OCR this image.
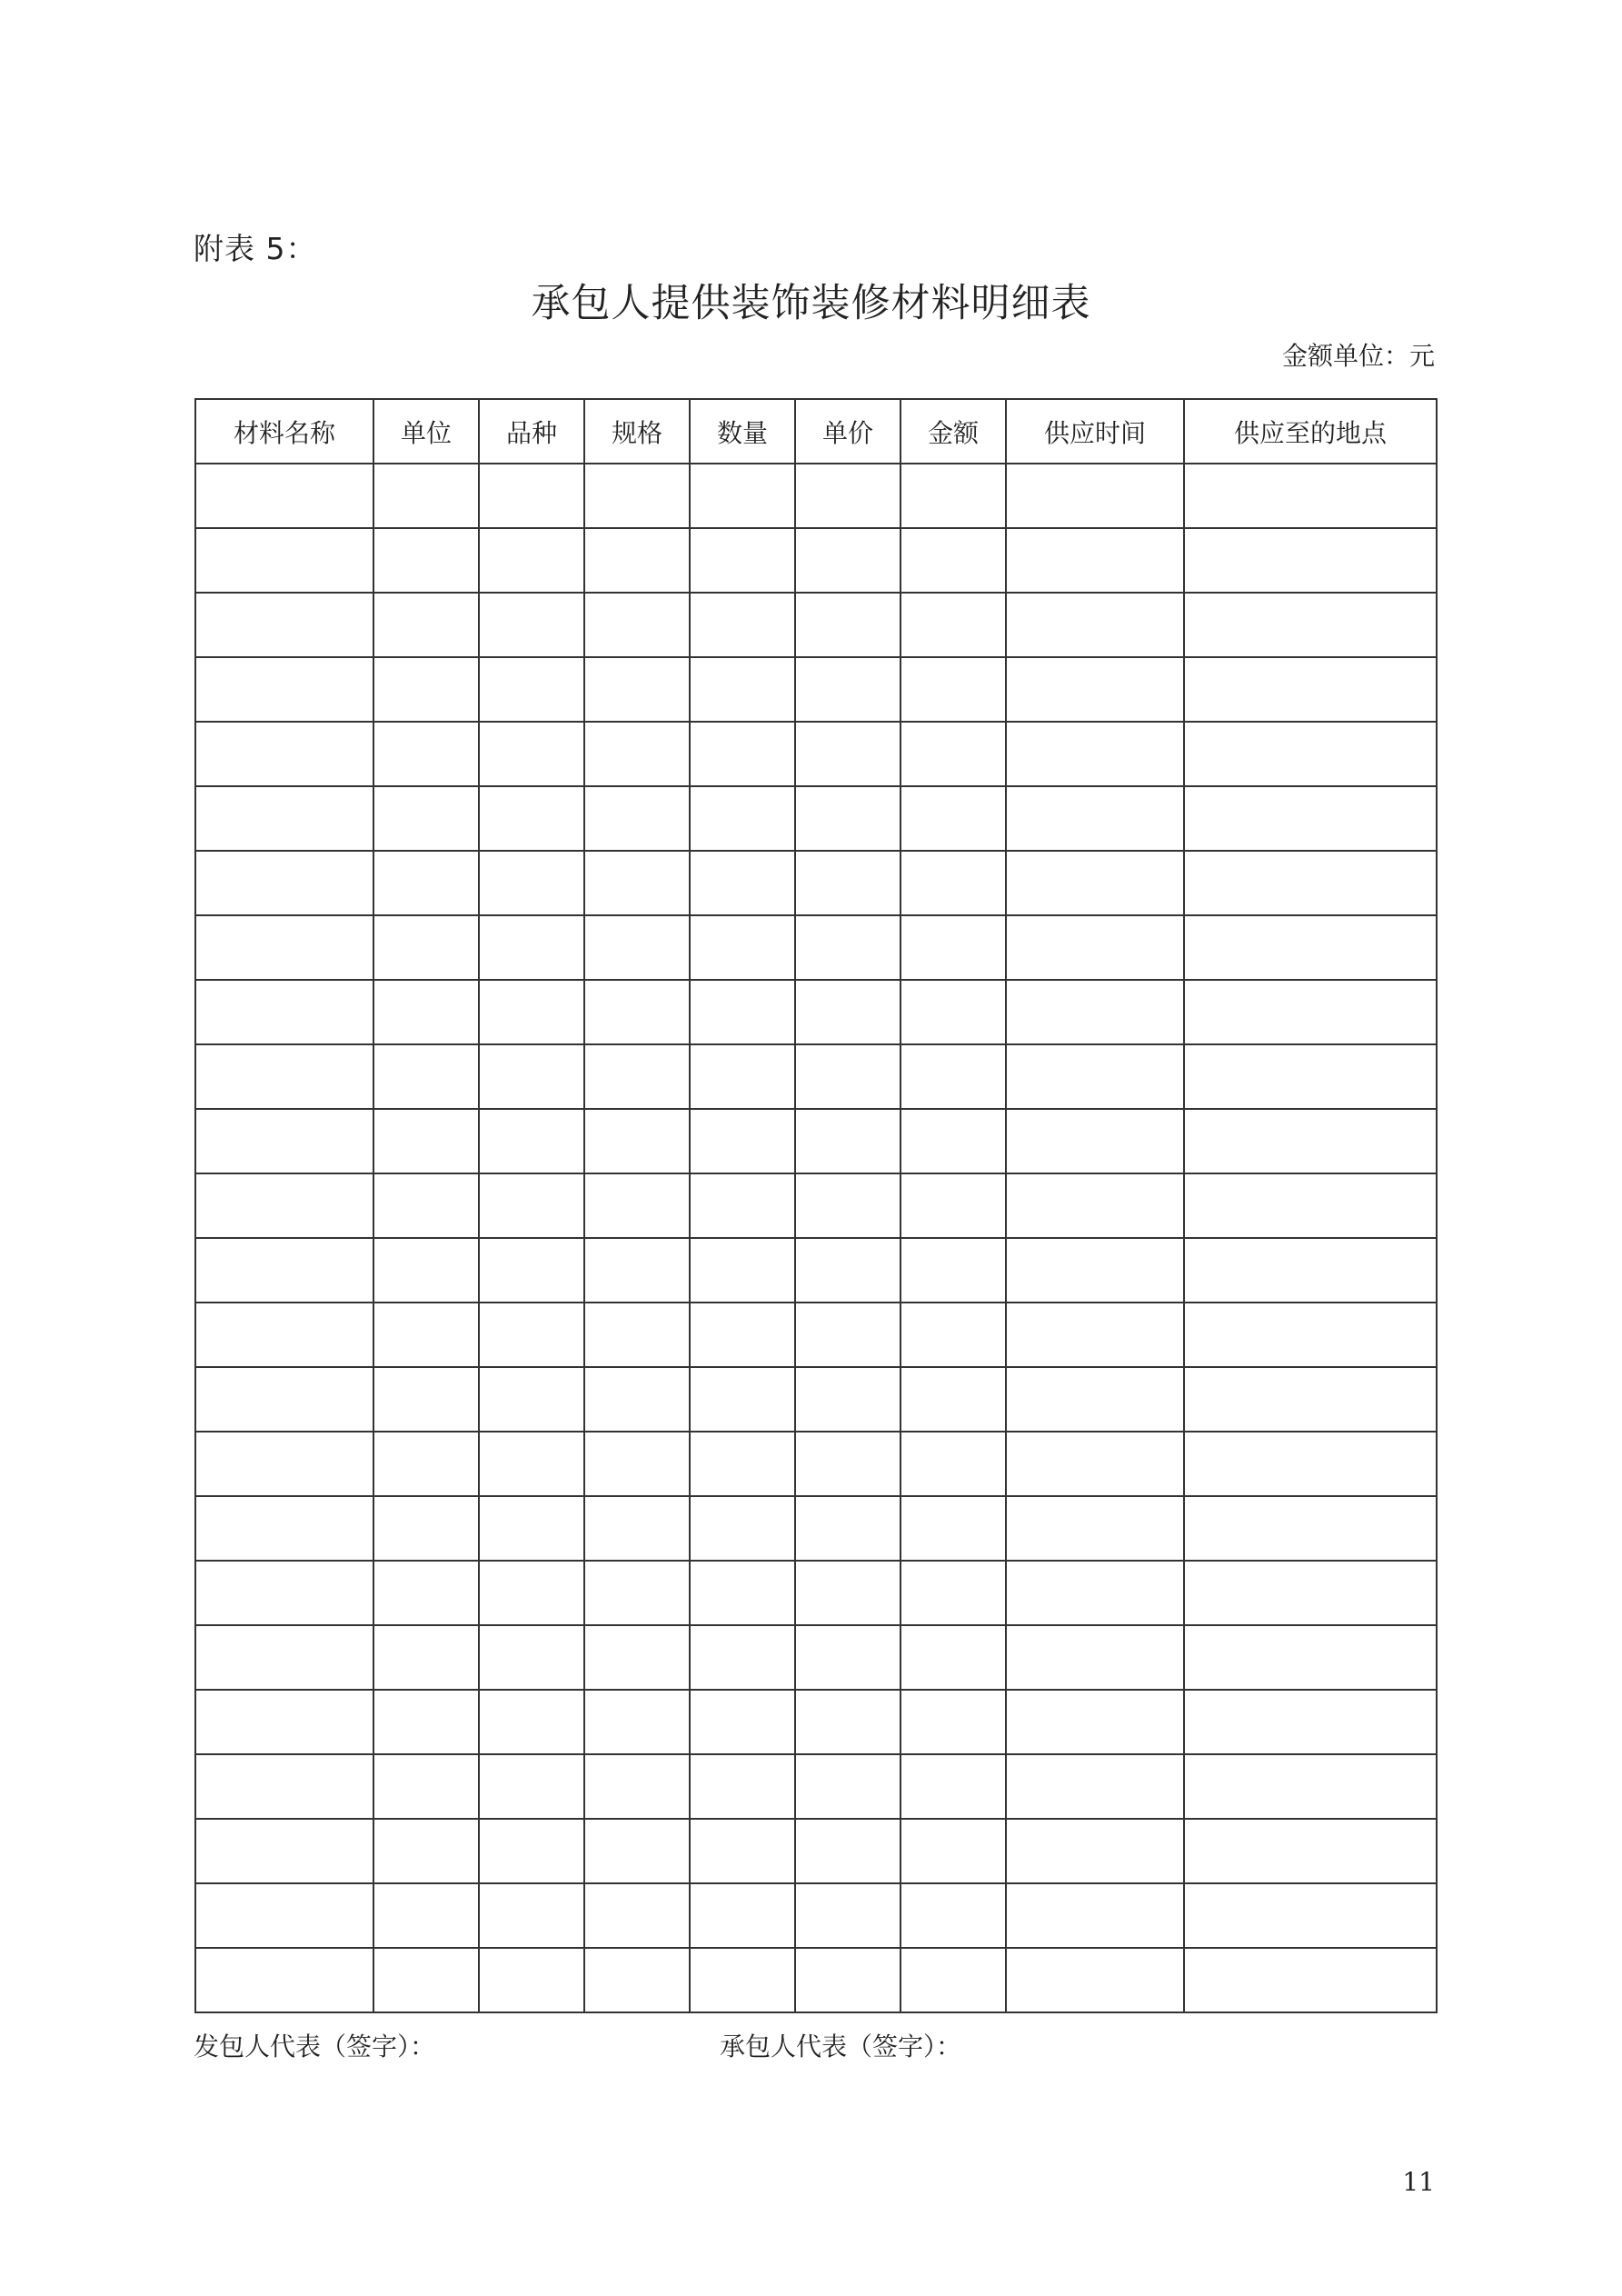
附表 5：
承包人提供装饰装修材料明细表
金额单位：元
材料名称	单位	品种	规格	数量	单价	金额	供应时间	供应至的地点

发包人代表（签字）：	承包人代表（签字）：
11
